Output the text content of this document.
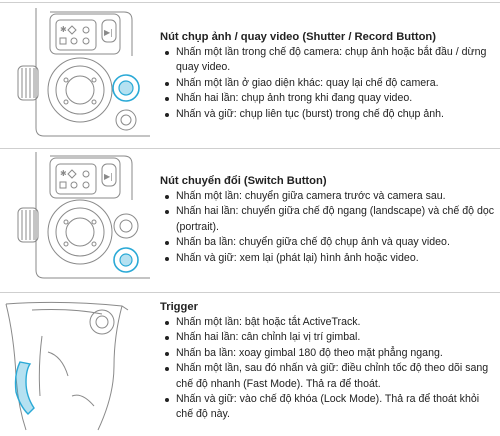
✱	▶|	Nút chụp ảnh / quay video (Shutter / Record Button)
Nhấn một lần trong chế độ camera: chụp ảnh hoặc bắt đầu / dừng quay video.
Nhấn một lần ở giao diện khác: quay lại chế độ camera.
Nhấn hai lần: chụp ảnh trong khi đang quay video.
Nhấn và giữ: chụp liên tục (burst) trong chế độ chụp ảnh.
✱	▶|	Nút chuyển đổi (Switch Button)
Nhấn một lần: chuyển giữa camera trước và camera sau.
Nhấn hai lần: chuyển giữa chế độ ngang (landscape) và chế độ dọc (portrait).
Nhấn ba lần: chuyển giữa chế độ chụp ảnh và quay video.
Nhấn và giữ: xem lại (phát lại) hình ảnh hoặc video.
Trigger
Nhấn một lần: bật hoặc tắt ActiveTrack.
Nhấn hai lần: cân chỉnh lại vị trí gimbal.
Nhấn ba lần: xoay gimbal 180 độ theo mặt phẳng ngang.
Nhấn một lần, sau đó nhấn và giữ: điều chỉnh tốc độ theo dõi sang chế độ nhanh (Fast Mode). Thả ra để thoát.
Nhấn và giữ: vào chế độ khóa (Lock Mode). Thả ra để thoát khỏi chế độ này.
